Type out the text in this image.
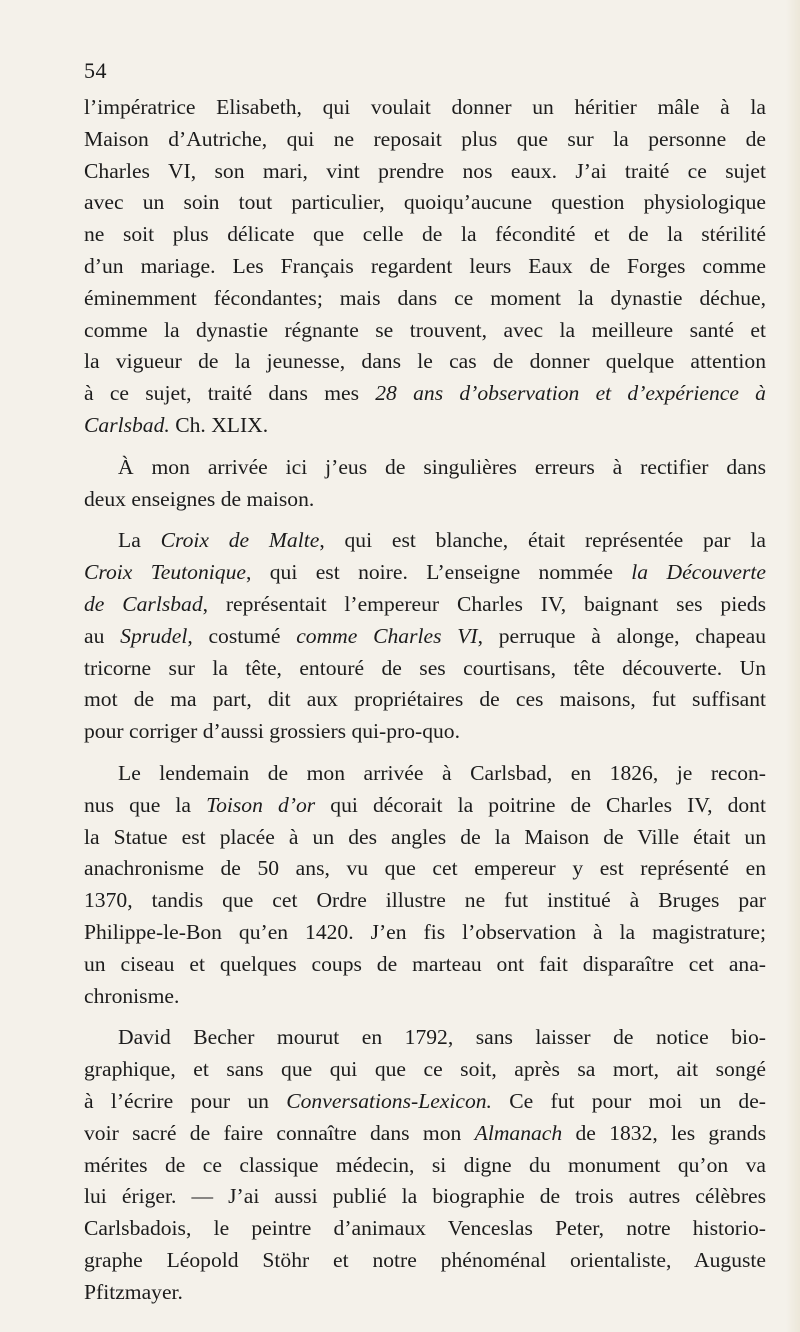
54
l’impératrice Elisabeth, qui voulait donner un héritier mâle à la
Maison d’Autriche, qui ne reposait plus que sur la personne de
Charles VI, son mari, vint prendre nos eaux. J’ai traité ce sujet
avec un soin tout particulier, quoiqu’aucune question physiologique
ne soit plus délicate que celle de la fécondité et de la stérilité
d’un mariage. Les Français regardent leurs Eaux de Forges comme
éminemment fécondantes; mais dans ce moment la dynastie déchue,
comme la dynastie régnante se trouvent, avec la meilleure santé et
la vigueur de la jeunesse, dans le cas de donner quelque attention
à ce sujet, traité dans mes 28 ans d’observation et d’expérience à
Carlsbad. Ch. XLIX.
À mon arrivée ici j’eus de singulières erreurs à rectifier dans
deux enseignes de maison.
La Croix de Malte, qui est blanche, était représentée par la
Croix Teutonique, qui est noire. L’enseigne nommée la Découverte
de Carlsbad, représentait l’empereur Charles IV, baignant ses pieds
au Sprudel, costumé comme Charles VI, perruque à alonge, chapeau
tricorne sur la tête, entouré de ses courtisans, tête découverte. Un
mot de ma part, dit aux propriétaires de ces maisons, fut suffisant
pour corriger d’aussi grossiers qui-pro-quo.
Le lendemain de mon arrivée à Carlsbad, en 1826, je recon-
nus que la Toison d’or qui décorait la poitrine de Charles IV, dont
la Statue est placée à un des angles de la Maison de Ville était un
anachronisme de 50 ans, vu que cet empereur y est représenté en
1370, tandis que cet Ordre illustre ne fut institué à Bruges par
Philippe-le-Bon qu’en 1420. J’en fis l’observation à la magistrature;
un ciseau et quelques coups de marteau ont fait disparaître cet ana-
chronisme.
David Becher mourut en 1792, sans laisser de notice bio-
graphique, et sans que qui que ce soit, après sa mort, ait songé
à l’écrire pour un Conversations-Lexicon. Ce fut pour moi un de-
voir sacré de faire connaître dans mon Almanach de 1832, les grands
mérites de ce classique médecin, si digne du monument qu’on va
lui ériger. — J’ai aussi publié la biographie de trois autres célèbres
Carlsbadois, le peintre d’animaux Venceslas Peter, notre historio-
graphe Léopold Stöhr et notre phénoménal orientaliste, Auguste
Pfitzmayer.
